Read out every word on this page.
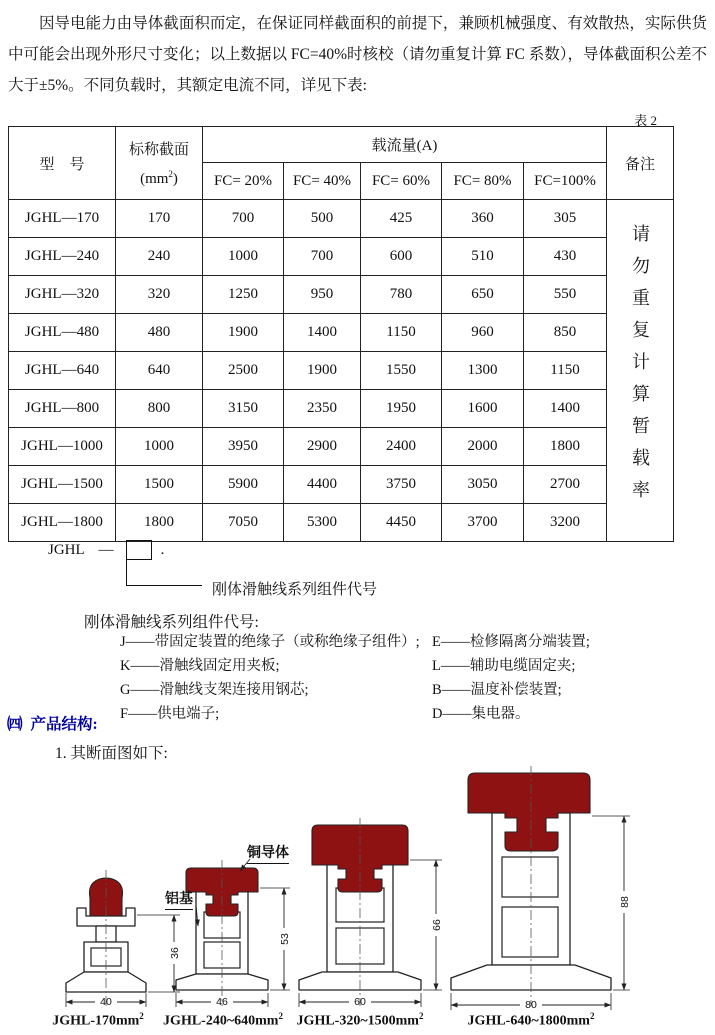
因导电能力由导体截面积而定，在保证同样截面积的前提下，兼顾机械强度、有效散热，实际供货中可能会出现外形尺寸变化；以上数据以 FC=40%时核校（请勿重复计算 FC 系数），导体截面积公差不大于±5%。不同负载时，其额定电流不同，详见下表:

表 2
型　号	标称截面
$(mm^2)$	载流量(A)					备注
		FC= 20%	FC= 40%	FC= 60%	FC= 80%	FC=100%	
JGHL—170	170	700	500	425	360	305	请勿重复计算暂载率
JGHL—240	240	1000	700	600	510	430	
JGHL—320	320	1250	950	780	650	550	
JGHL—480	480	1900	1400	1150	960	850	
JGHL—640	640	2500	1900	1550	1300	1150	
JGHL—800	800	3150	2350	1950	1600	1400	
JGHL—1000	1000	3950	2900	2400	2000	1800	
JGHL—1500	1500	5900	4400	3750	3050	2700	
JGHL—1800	1800	7050	5300	4450	3700	3200	
JGHL —	.
刚体滑触线系列组件代号
刚体滑触线系列组件代号:
J——带固定装置的绝缘子（或称绝缘子组件）;
K——滑触线固定用夹板;
G——滑触线支架连接用钢芯;
F——供电端子;
E——检修隔离分端装置;
L——辅助电缆固定夹;
B——温度补偿装置;
D——集电器。
㈣ 产品结构:
1. 其断面图如下:
40
36
46
53
60
66
80
88
铜导体
铝基
JGHL-$170mm^2$ JGHL-$240\sim 640mm^2$ JGHL-$320\sim 1500mm^2$	JGHL-$640\sim 1800mm^2$
